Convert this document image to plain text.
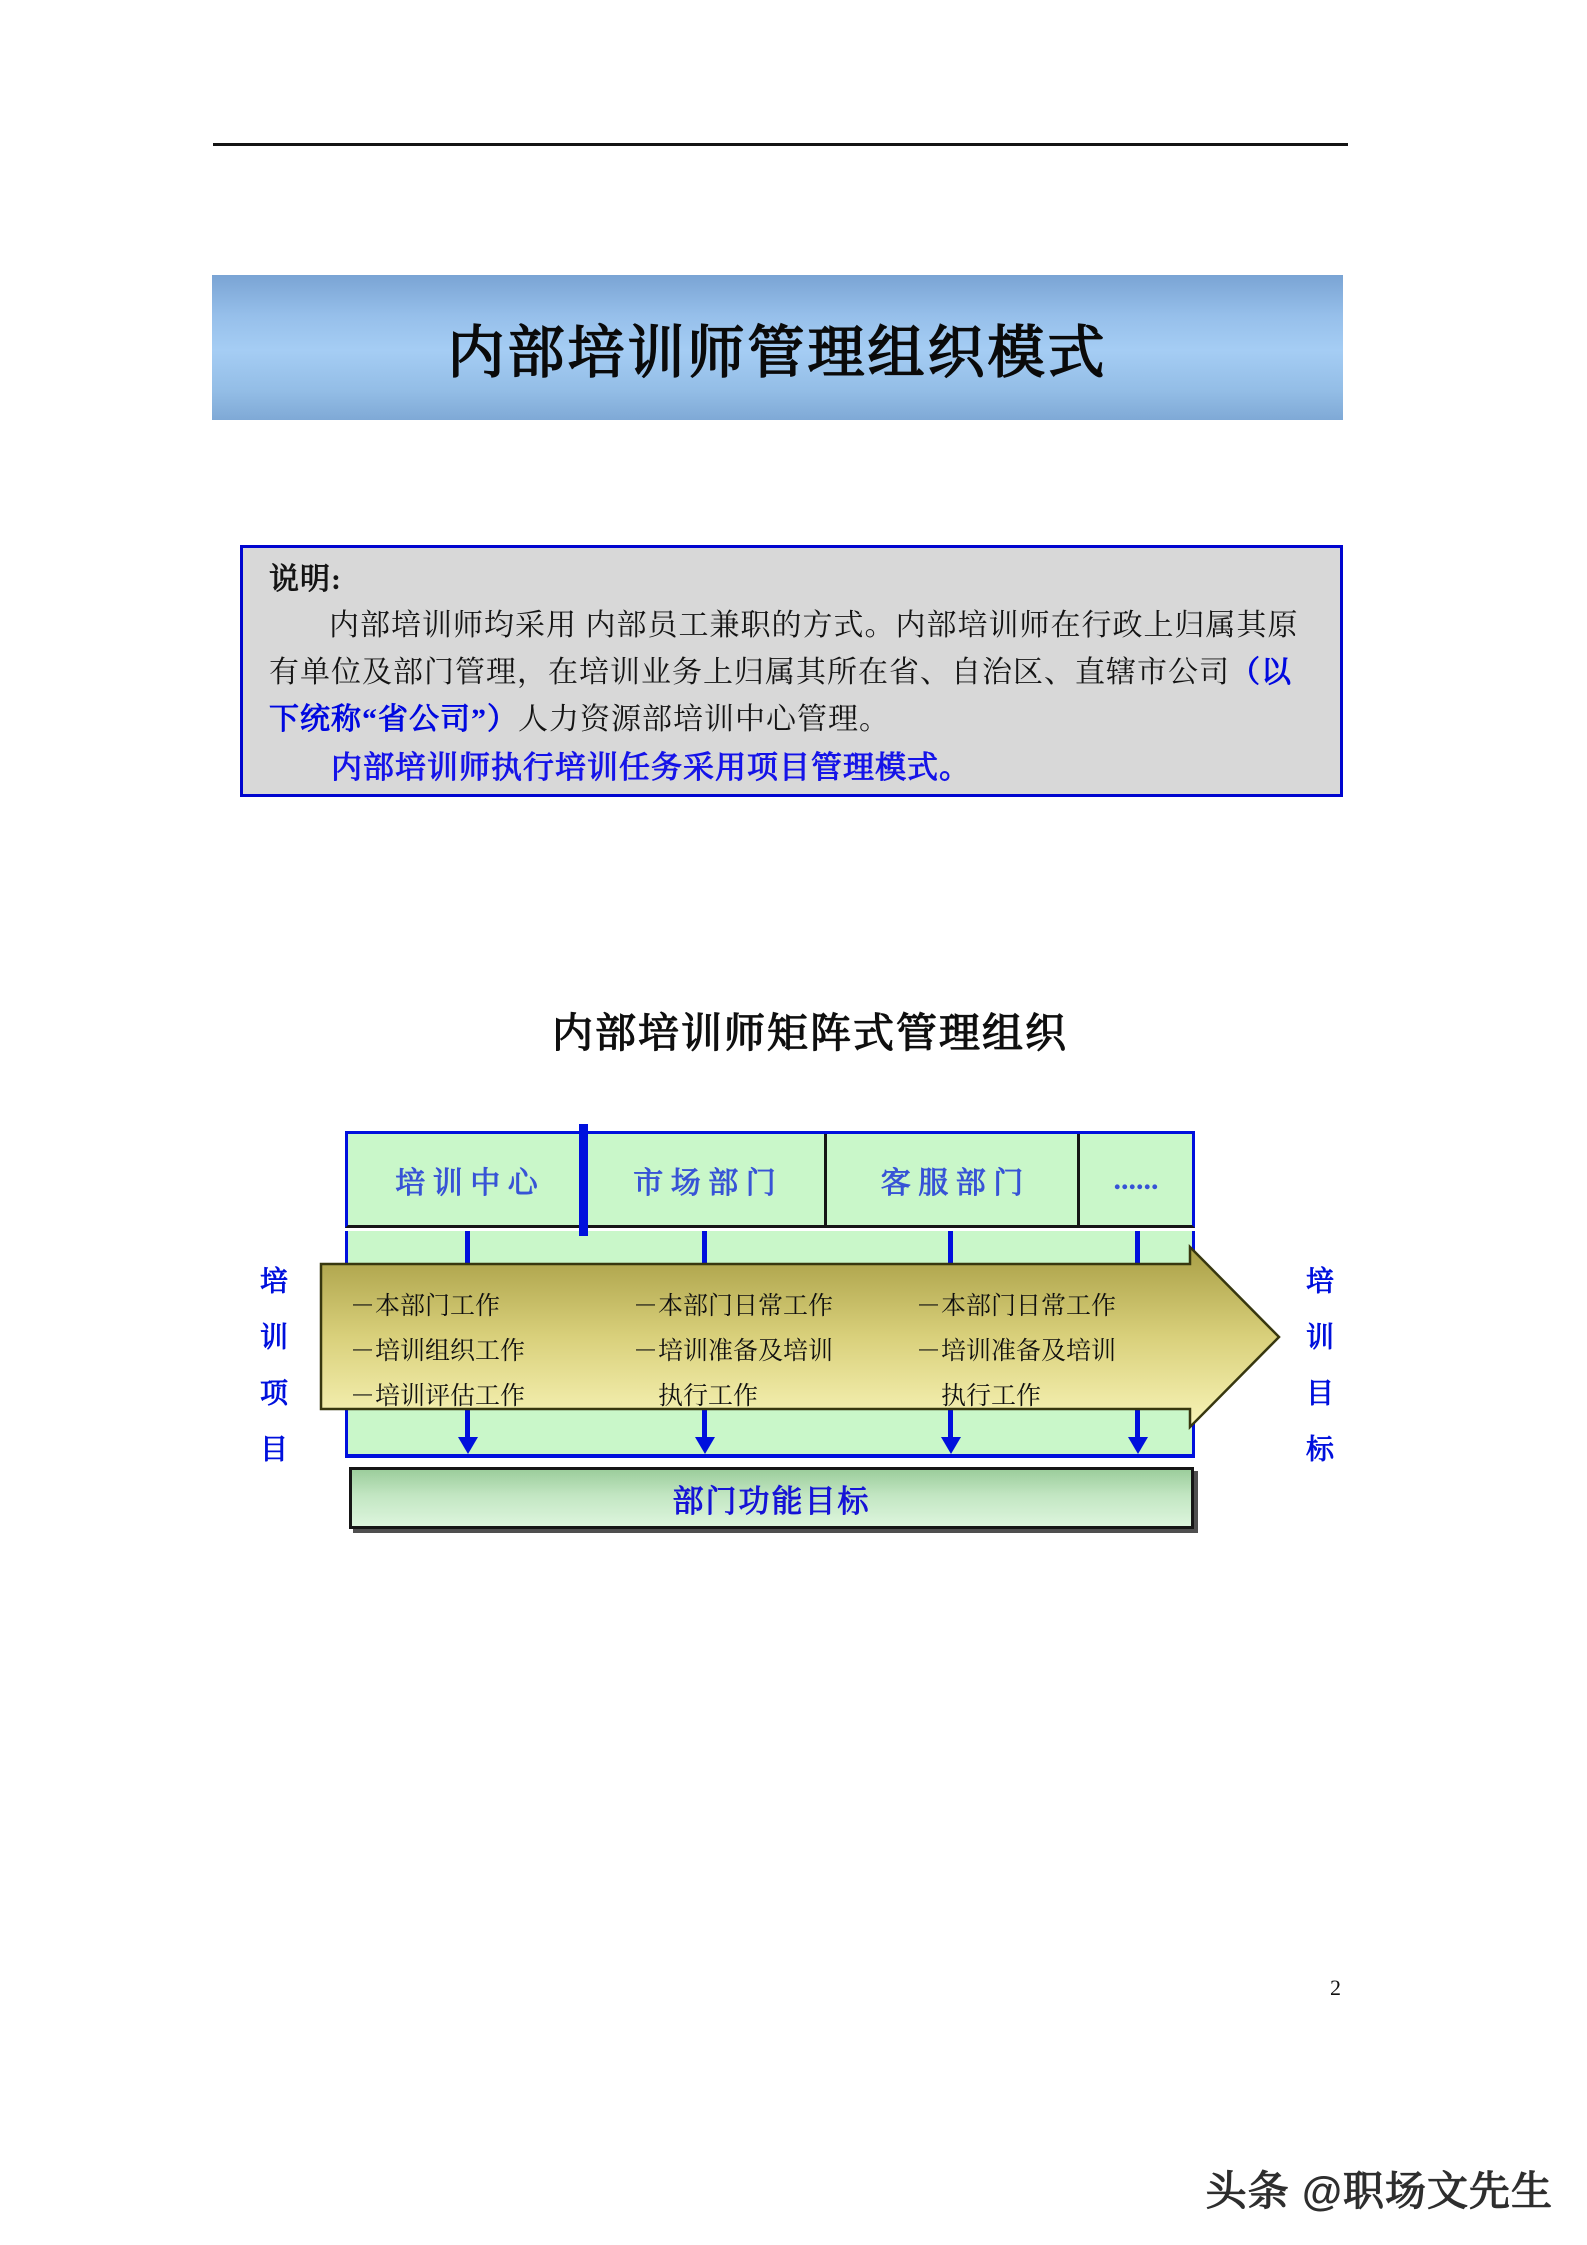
内部培训师管理组织模式
说明:
内部培训师均采用 内部员工兼职的方式。内部培训师在行政上归属其原
有单位及部门管理，在培训业务上归属其所在省、自治区、直辖市公司（以
下统称“省公司”）人力资源部培训中心管理。
内部培训师执行培训任务采用项目管理模式。
内部培训师矩阵式管理组织
培 训 中 心	市 场 部 门	客 服 部 门	......
－本部门工作
－培训组织工作
－培训评估工作
－本部门日常工作
－培训准备及培训
　执行工作
－本部门日常工作
－培训准备及培训
　执行工作
培训项目	培训目标
部门功能目标
2
头条 @职场文先生
